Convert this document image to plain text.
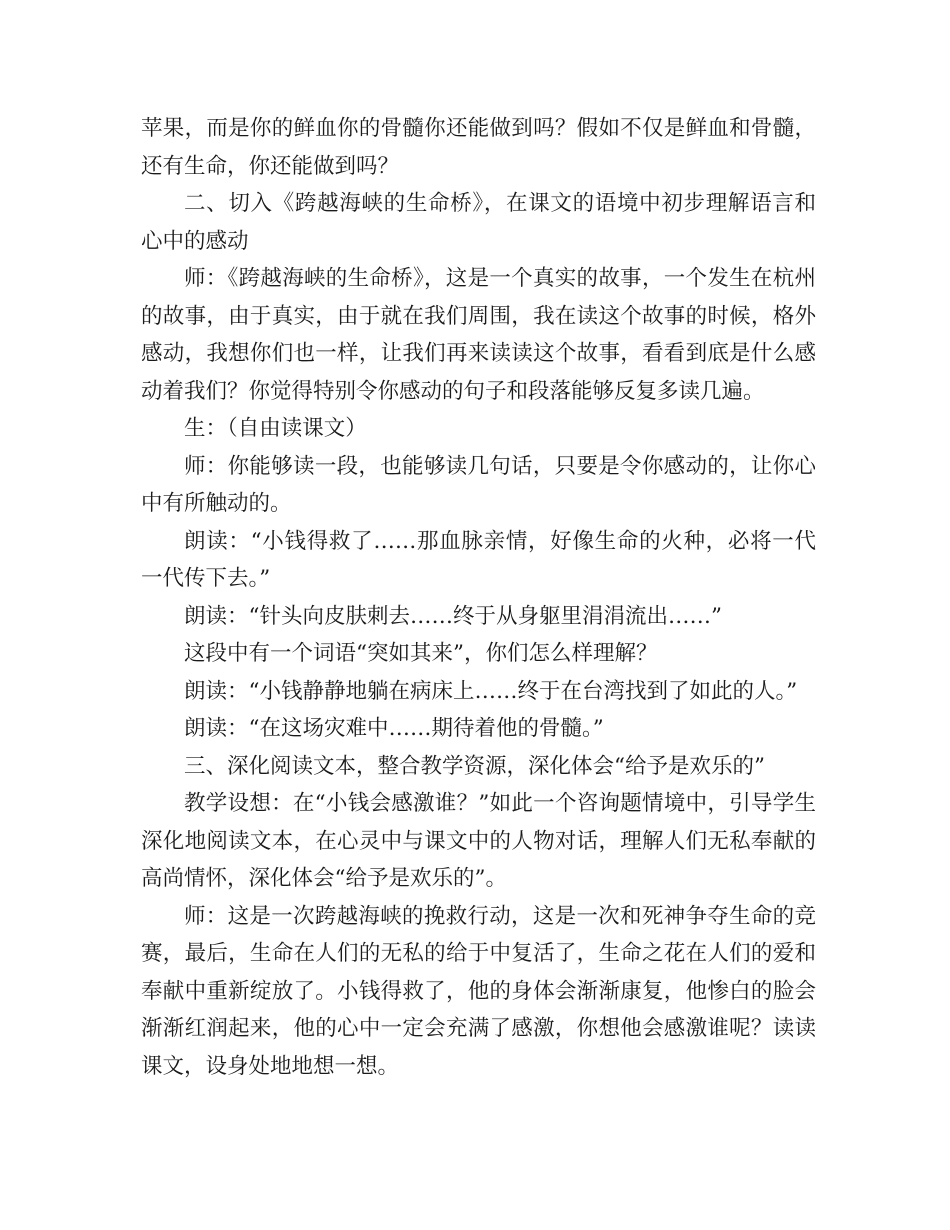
苹果，而是你的鲜血你的骨髓你还能做到吗？假如不仅是鲜血和骨髓，还有生命，你还能做到吗？

二、切入《跨越海峡的生命桥》，在课文的语境中初步理解语言和心中的感动

师：《跨越海峡的生命桥》，这是一个真实的故事，一个发生在杭州的故事，由于真实，由于就在我们周围，我在读这个故事的时候，格外感动，我想你们也一样，让我们再来读读这个故事，看看到底是什么感动着我们？你觉得特别令你感动的句子和段落能够反复多读几遍。

生：（自由读课文）

师：你能够读一段，也能够读几句话，只要是令你感动的，让你心中有所触动的。

朗读：“小钱得救了……那血脉亲情，好像生命的火种，必将一代一代传下去。”

朗读：“针头向皮肤刺去……终于从身躯里涓涓流出……”

这段中有一个词语“突如其来”，你们怎么样理解？

朗读：“小钱静静地躺在病床上……终于在台湾找到了如此的人。”

朗读：“在这场灾难中……期待着他的骨髓。”

三、深化阅读文本，整合教学资源，深化体会“给予是欢乐的”

教学设想：在“小钱会感激谁？”如此一个咨询题情境中，引导学生深化地阅读文本，在心灵中与课文中的人物对话，理解人们无私奉献的高尚情怀，深化体会“给予是欢乐的”。

师：这是一次跨越海峡的挽救行动，这是一次和死神争夺生命的竞赛，最后，生命在人们的无私的给于中复活了，生命之花在人们的爱和奉献中重新绽放了。小钱得救了，他的身体会渐渐康复，他惨白的脸会渐渐红润起来，他的心中一定会充满了感激，你想他会感激谁呢？读读课文，设身处地地想一想。
